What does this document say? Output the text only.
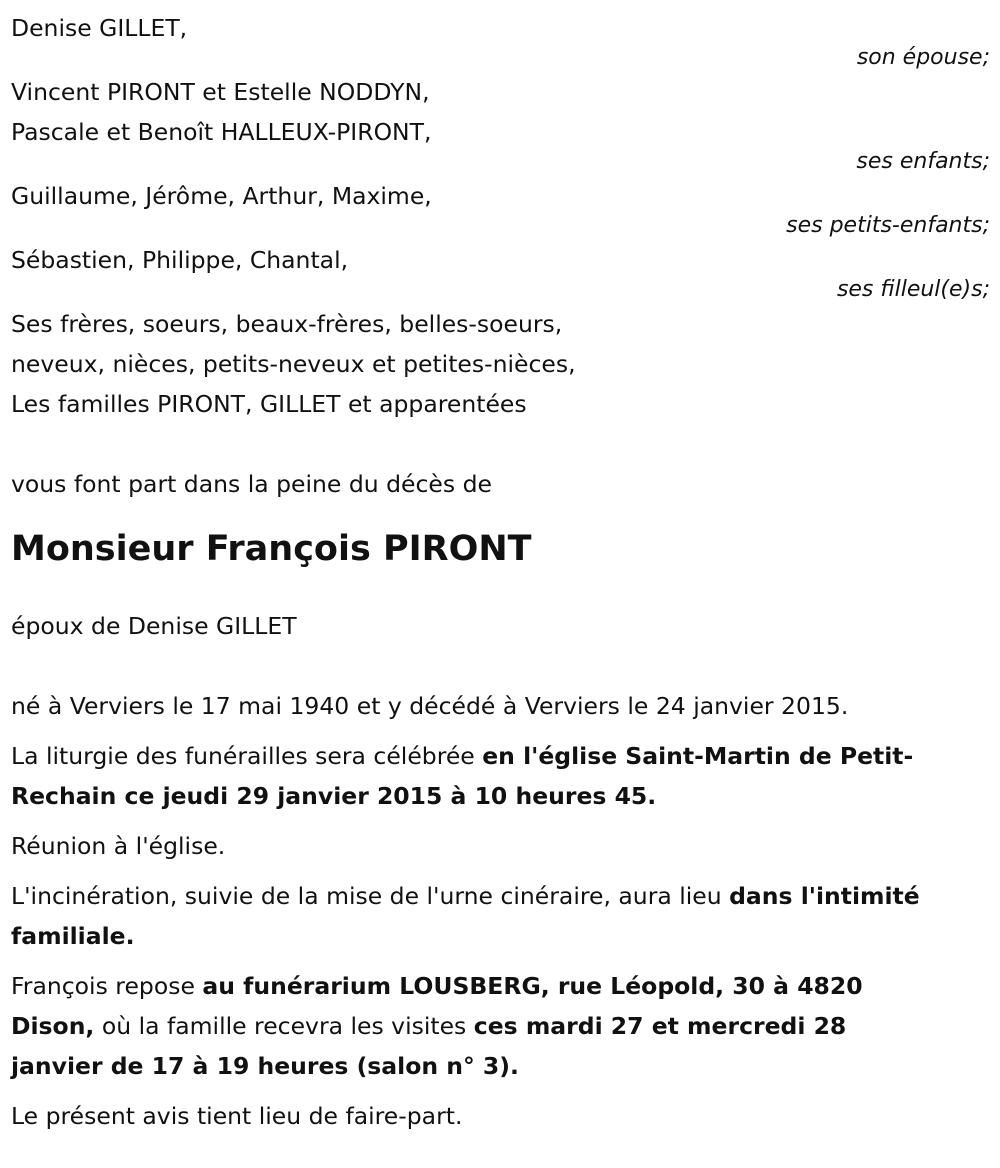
Denise GILLET,
son épouse;
Vincent PIRONT et Estelle NODDYN,
Pascale et Benoît HALLEUX-PIRONT,
ses enfants;
Guillaume, Jérôme, Arthur, Maxime,
ses petits-enfants;
Sébastien, Philippe, Chantal,
ses filleul(e)s;
Ses frères, soeurs, beaux-frères, belles-soeurs,
neveux, nièces, petits-neveux et petites-nièces,
Les familles PIRONT, GILLET et apparentées
vous font part dans la peine du décès de
Monsieur François PIRONT
époux de Denise GILLET
né à Verviers le 17 mai 1940 et y décédé à Verviers le 24 janvier 2015.
La liturgie des funérailles sera célébrée en l'église Saint-Martin de Petit-Rechain ce jeudi 29 janvier 2015 à 10 heures 45.
Réunion à l'église.
L'incinération, suivie de la mise de l'urne cinéraire, aura lieu dans l'intimité familiale.
François repose au funérarium LOUSBERG, rue Léopold, 30 à 4820 Dison, où la famille recevra les visites ces mardi 27 et mercredi 28 janvier de 17 à 19 heures (salon n° 3).
Le présent avis tient lieu de faire-part.
